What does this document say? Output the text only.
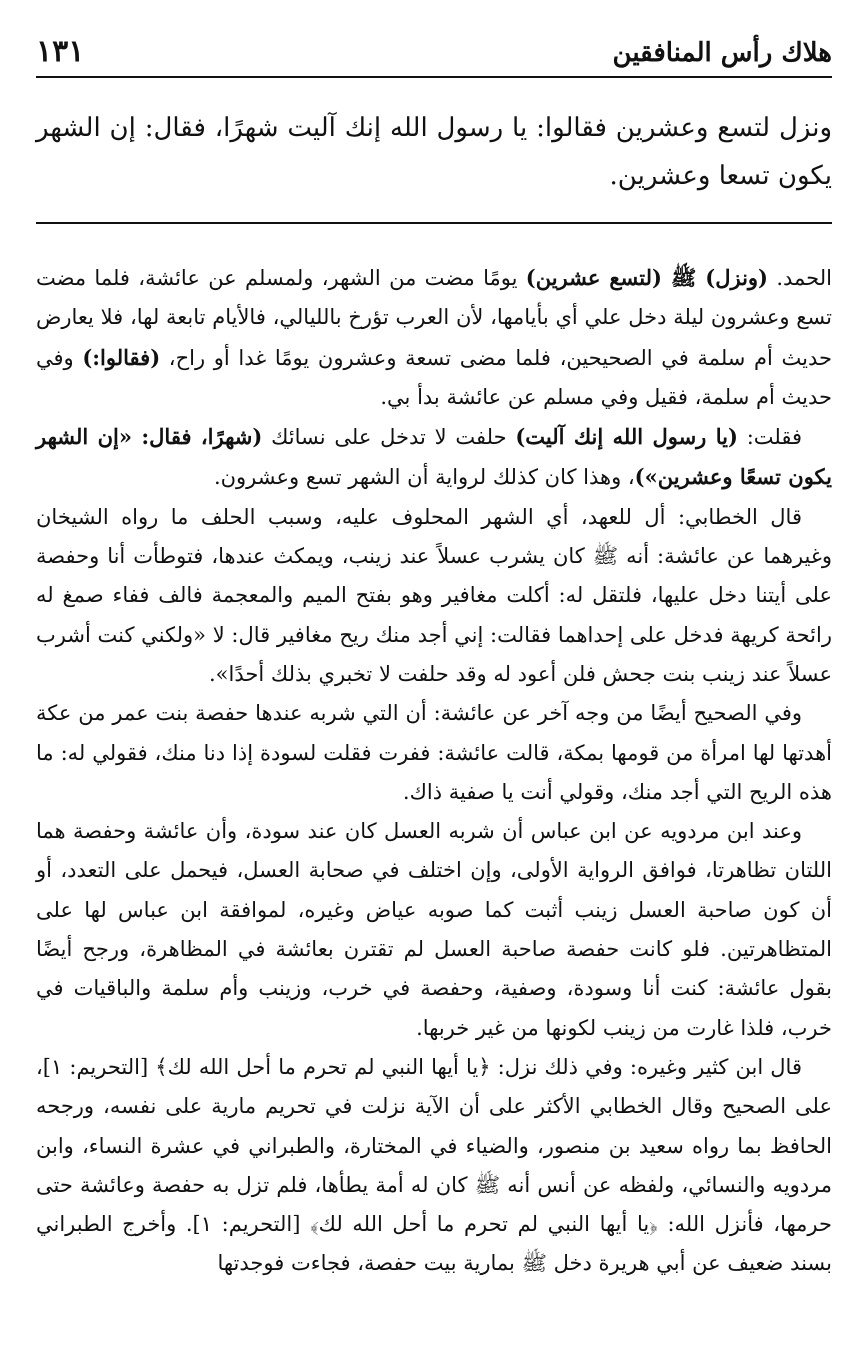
هلاك رأس المنافقين
١٣١
ونزل لتسع وعشرين فقالوا: يا رسول الله إنك آليت شهرًا، فقال: إن الشهر يكون تسعا وعشرين.

الحمد. (ونزل) ﷺ (لتسع عشرين) يومًا مضت من الشهر، ولمسلم عن عائشة، فلما مضت تسع وعشرون ليلة دخل علي أي بأيامها، لأن العرب تؤرخ بالليالي، فالأيام تابعة لها، فلا يعارض حديث أم سلمة في الصحيحين، فلما مضى تسعة وعشرون يومًا غدا أو راح، (فقالوا:) وفي حديث أم سلمة، فقيل وفي مسلم عن عائشة بدأ بي.

فقلت: (يا رسول الله إنك آليت) حلفت لا تدخل على نسائك (شهرًا، فقال: «إن الشهر يكون تسعًا وعشرين»)، وهذا كان كذلك لرواية أن الشهر تسع وعشرون.

قال الخطابي: أل للعهد، أي الشهر المحلوف عليه، وسبب الحلف ما رواه الشيخان وغيرهما عن عائشة: أنه ﷺ كان يشرب عسلاً عند زينب، ويمكث عندها، فتوطأت أنا وحفصة على أيتنا دخل عليها، فلتقل له: أكلت مغافير وهو بفتح الميم والمعجمة فالف ففاء صمغ له رائحة كريهة فدخل على إحداهما فقالت: إني أجد منك ريح مغافير قال: لا «ولكني كنت أشرب عسلاً عند زينب بنت جحش فلن أعود له وقد حلفت لا تخبري بذلك أحدًا».

وفي الصحيح أيضًا من وجه آخر عن عائشة: أن التي شربه عندها حفصة بنت عمر من عكة أهدتها لها امرأة من قومها بمكة، قالت عائشة: ففرت فقلت لسودة إذا دنا منك، فقولي له: ما هذه الريح التي أجد منك، وقولي أنت يا صفية ذاك.

وعند ابن مردويه عن ابن عباس أن شربه العسل كان عند سودة، وأن عائشة وحفصة هما اللتان تظاهرتا، فوافق الرواية الأولى، وإن اختلف في صحابة العسل، فيحمل على التعدد، أو أن كون صاحبة العسل زينب أثبت كما صوبه عياض وغيره، لموافقة ابن عباس لها على المتظاهرتين. فلو كانت حفصة صاحبة العسل لم تقترن بعائشة في المظاهرة، ورجح أيضًا بقول عائشة: كنت أنا وسودة، وصفية، وحفصة في خرب، وزينب وأم سلمة والباقيات في خرب، فلذا غارت من زينب لكونها من غير خربها.

قال ابن كثير وغيره: وفي ذلك نزل: ﴿يا أيها النبي لم تحرم ما أحل الله لك﴾ [التحريم: ١]، على الصحيح وقال الخطابي الأكثر على أن الآية نزلت في تحريم مارية على نفسه، ورجحه الحافظ بما رواه سعيد بن منصور، والضياء في المختارة، والطبراني في عشرة النساء، وابن مردويه والنسائي، ولفظه عن أنس أنه ﷺ كان له أمة يطأها، فلم تزل به حفصة وعائشة حتى حرمها، فأنزل الله: ﴿يا أيها النبي لم تحرم ما أحل الله لك﴾ [التحريم: ١]. وأخرج الطبراني بسند ضعيف عن أبي هريرة دخل ﷺ بمارية بيت حفصة، فجاءت فوجدتها
